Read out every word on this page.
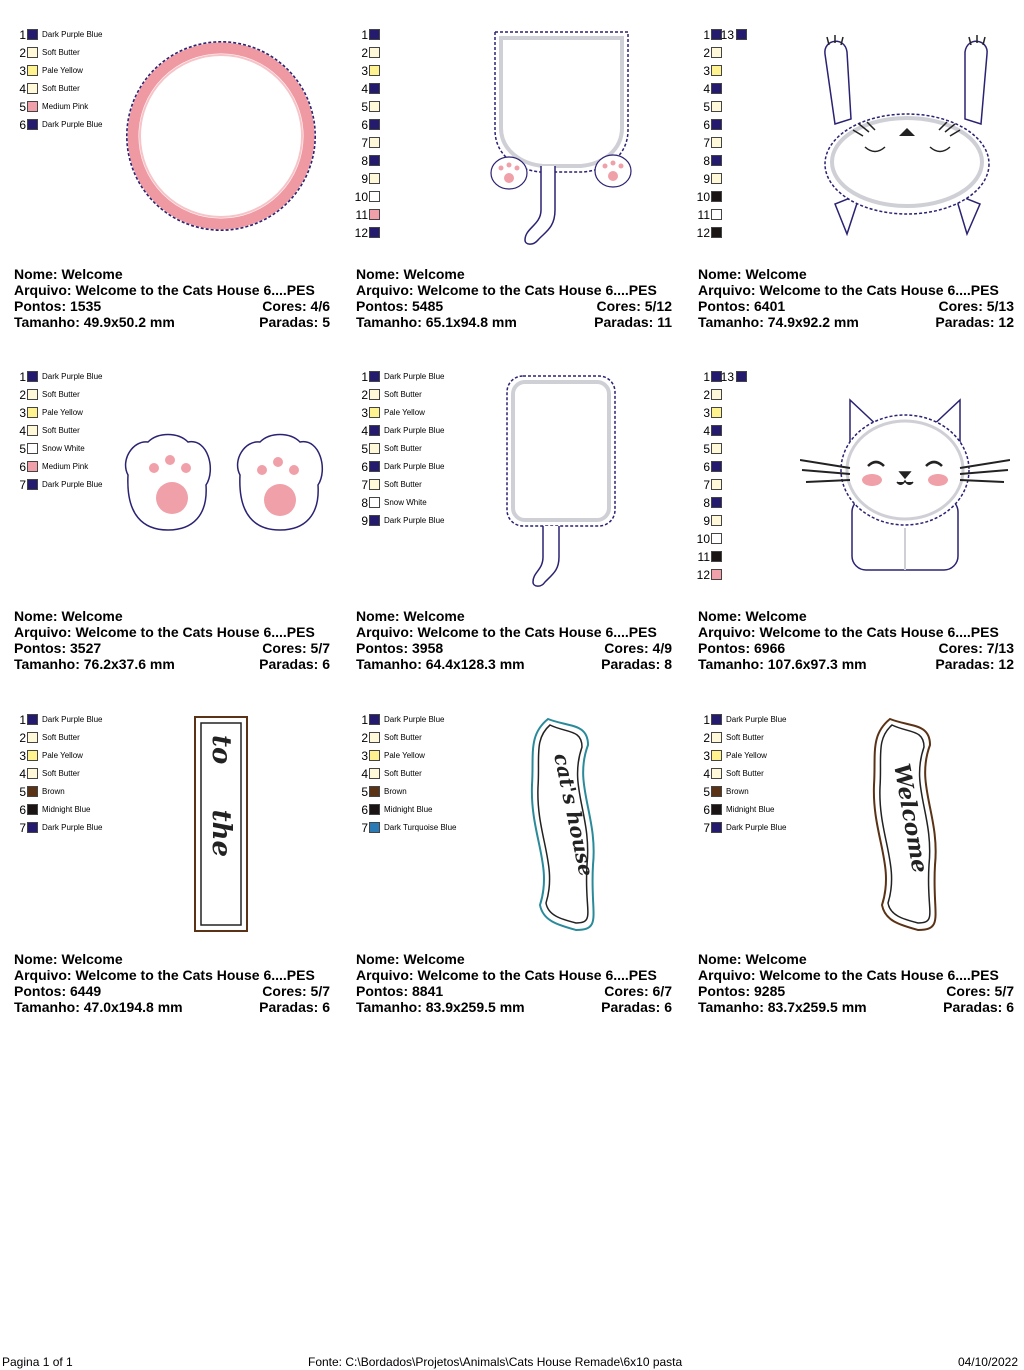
1 Dark Purple Blue
2 Soft Butter
3 Pale Yellow
4 Soft Butter
5 Medium Pink
6 Dark Purple Blue
Nome: Welcome
Arquivo: Welcome to the Cats House 6....PES
Pontos: 1535	Cores: 4/6
Tamanho: 49.9x50.2 mm	Paradas: 5
1
2
3
4
5
6
7
8
9
10
11
12
Nome: Welcome
Arquivo: Welcome to the Cats House 6....PES
Pontos: 5485	Cores: 5/12
Tamanho: 65.1x94.8 mm	Paradas: 11
1 13
2
3
4
5
6
7
8
9
10
11
12
Nome: Welcome
Arquivo: Welcome to the Cats House 6....PES
Pontos: 6401	Cores: 5/13
Tamanho: 74.9x92.2 mm	Paradas: 12
1 Dark Purple Blue
2 Soft Butter
3 Pale Yellow
4 Soft Butter
5 Snow White
6 Medium Pink
7 Dark Purple Blue
Nome: Welcome
Arquivo: Welcome to the Cats House 6....PES
Pontos: 3527	Cores: 5/7
Tamanho: 76.2x37.6 mm	Paradas: 6
1 Dark Purple Blue
2 Soft Butter
3 Pale Yellow
4 Dark Purple Blue
5 Soft Butter
6 Dark Purple Blue
7 Soft Butter
8 Snow White
9 Dark Purple Blue
Nome: Welcome
Arquivo: Welcome to the Cats House 6....PES
Pontos: 3958	Cores: 4/9
Tamanho: 64.4x128.3 mm	Paradas: 8
1 13
2
3
4
5
6
7
8
9
10
11
12
Nome: Welcome
Arquivo: Welcome to the Cats House 6....PES
Pontos: 6966	Cores: 7/13
Tamanho: 107.6x97.3 mm	Paradas: 12
1 Dark Purple Blue
2 Soft Butter
3 Pale Yellow
4 Soft Butter
5 Brown
6 Midnight Blue
7 Dark Purple Blue	to     the
Nome: Welcome
Arquivo: Welcome to the Cats House 6....PES
Pontos: 6449	Cores: 5/7
Tamanho: 47.0x194.8 mm	Paradas: 6
1 Dark Purple Blue
2 Soft Butter
3 Pale Yellow
4 Soft Butter
5 Brown
6 Midnight Blue
7 Dark Turquoise Blue	cat's house
Nome: Welcome
Arquivo: Welcome to the Cats House 6....PES
Pontos: 8841	Cores: 6/7
Tamanho: 83.9x259.5 mm	Paradas: 6
1 Dark Purple Blue
2 Soft Butter
3 Pale Yellow
4 Soft Butter
5 Brown
6 Midnight Blue
7 Dark Purple Blue	Welcome
Nome: Welcome
Arquivo: Welcome to the Cats House 6....PES
Pontos: 9285	Cores: 5/7
Tamanho: 83.7x259.5 mm	Paradas: 6
Pagina 1 of 1	Fonte: C:\Bordados\Projetos\Animals\Cats House Remade\6x10 pasta	04/10/2022
